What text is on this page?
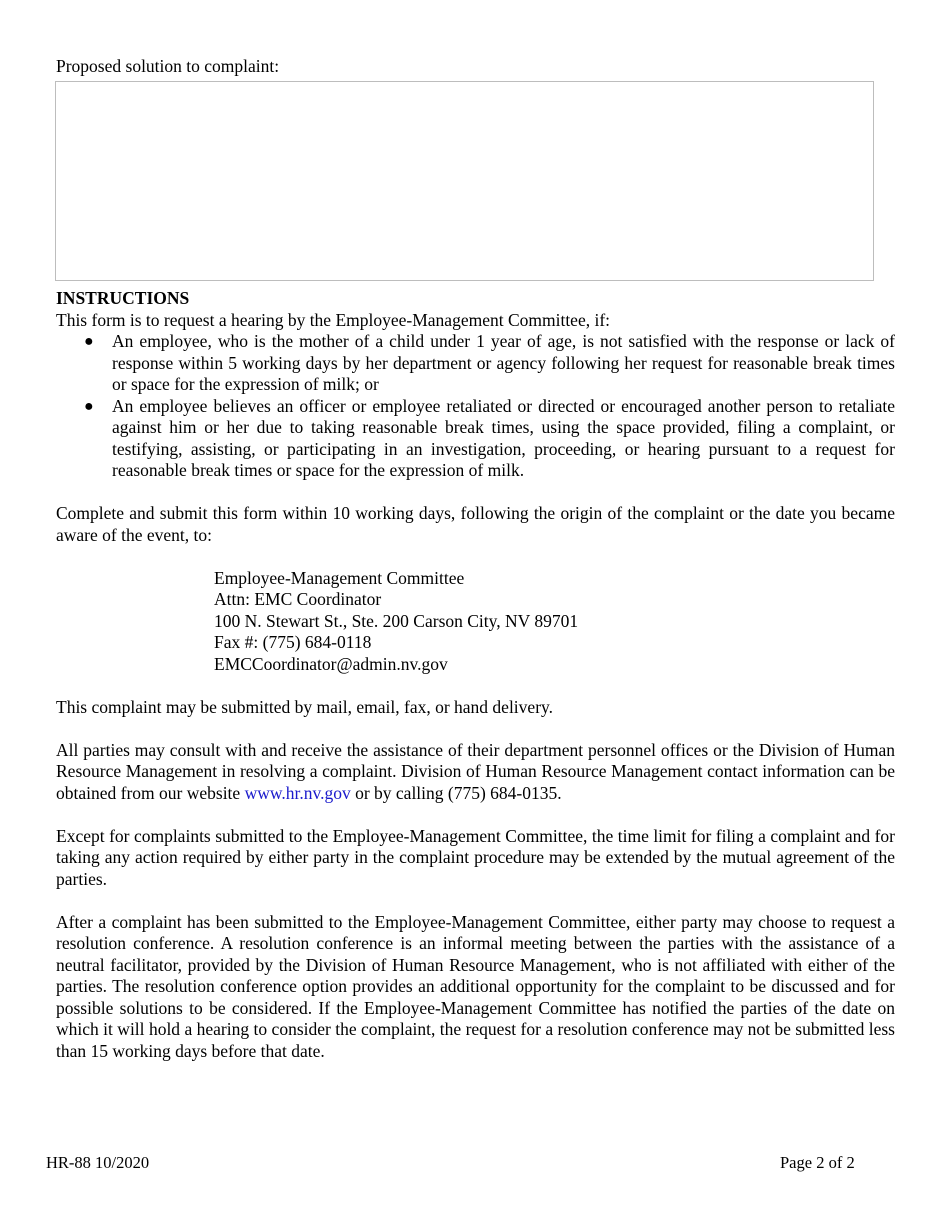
Proposed solution to complaint:

INSTRUCTIONS

This form is to request a hearing by the Employee-Management Committee, if:

● An employee, who is the mother of a child under 1 year of age, is not satisfied with the response or lack of response within 5 working days by her department or agency following her request for reasonable break times or space for the expression of milk; or
● An employee believes an officer or employee retaliated or directed or encouraged another person to retaliate against him or her due to taking reasonable break times, using the space provided, filing a complaint, or testifying, assisting, or participating in an investigation, proceeding, or hearing pursuant to a request for reasonable break times or space for the expression of milk.

Complete and submit this form within 10 working days, following the origin of the complaint or the date you became aware of the event, to:

Employee-Management Committee
Attn: EMC Coordinator
100 N. Stewart St., Ste. 200 Carson City, NV 89701
Fax #: (775) 684-0118
EMCCoordinator@admin.nv.gov

This complaint may be submitted by mail, email, fax, or hand delivery.

All parties may consult with and receive the assistance of their department personnel offices or the Division of Human Resource Management in resolving a complaint. Division of Human Resource Management contact information can be obtained from our website www.hr.nv.gov or by calling (775) 684-0135.

Except for complaints submitted to the Employee-Management Committee, the time limit for filing a complaint and for taking any action required by either party in the complaint procedure may be extended by the mutual agreement of the parties.

After a complaint has been submitted to the Employee-Management Committee, either party may choose to request a resolution conference. A resolution conference is an informal meeting between the parties with the assistance of a neutral facilitator, provided by the Division of Human Resource Management, who is not affiliated with either of the parties. The resolution conference option provides an additional opportunity for the complaint to be discussed and for possible solutions to be considered. If the Employee-Management Committee has notified the parties of the date on which it will hold a hearing to consider the complaint, the request for a resolution conference may not be submitted less than 15 working days before that date.

HR-88 10/2020	Page 2 of 2
